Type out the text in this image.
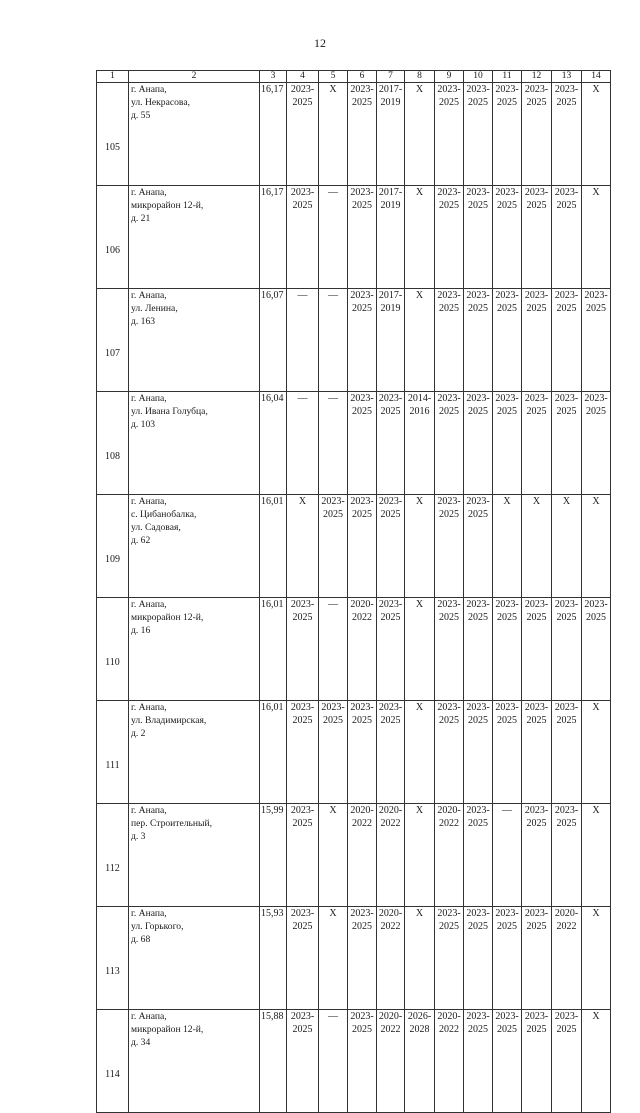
12
1	2	3	4	5	6	7	8	9	10	11	12	13	14
105	г. Анапа,
ул. Некрасова,
д. 55	16,17	2023-
2025	X	2023-
2025	2017-
2019	X	2023-
2025	2023-
2025	2023-
2025	2023-
2025	2023-
2025	X
106	г. Анапа,
микрорайон 12-й,
д. 21	16,17	2023-
2025	—	2023-
2025	2017-
2019	X	2023-
2025	2023-
2025	2023-
2025	2023-
2025	2023-
2025	X
107	г. Анапа,
ул. Ленина,
д. 163	16,07	—	—	2023-
2025	2017-
2019	X	2023-
2025	2023-
2025	2023-
2025	2023-
2025	2023-
2025	2023-
2025
108	г. Анапа,
ул. Ивана Голубца,
д. 103	16,04	—	—	2023-
2025	2023-
2025	2014-
2016	2023-
2025	2023-
2025	2023-
2025	2023-
2025	2023-
2025	2023-
2025
109	г. Анапа,
с. Цибанобалка,
ул. Садовая,
д. 62	16,01	X	2023-
2025	2023-
2025	2023-
2025	X	2023-
2025	2023-
2025	X	X	X	X
110	г. Анапа,
микрорайон 12-й,
д. 16	16,01	2023-
2025	—	2020-
2022	2023-
2025	X	2023-
2025	2023-
2025	2023-
2025	2023-
2025	2023-
2025	2023-
2025
111	г. Анапа,
ул. Владимирская,
д. 2	16,01	2023-
2025	2023-
2025	2023-
2025	2023-
2025	X	2023-
2025	2023-
2025	2023-
2025	2023-
2025	2023-
2025	X
112	г. Анапа,
пер. Строительный,
д. 3	15,99	2023-
2025	X	2020-
2022	2020-
2022	X	2020-
2022	2023-
2025	—	2023-
2025	2023-
2025	X
113	г. Анапа,
ул. Горького,
д. 68	15,93	2023-
2025	X	2023-
2025	2020-
2022	X	2023-
2025	2023-
2025	2023-
2025	2023-
2025	2020-
2022	X
114	г. Анапа,
микрорайон 12-й,
д. 34	15,88	2023-
2025	—	2023-
2025	2020-
2022	2026-
2028	2020-
2022	2023-
2025	2023-
2025	2023-
2025	2023-
2025	X
